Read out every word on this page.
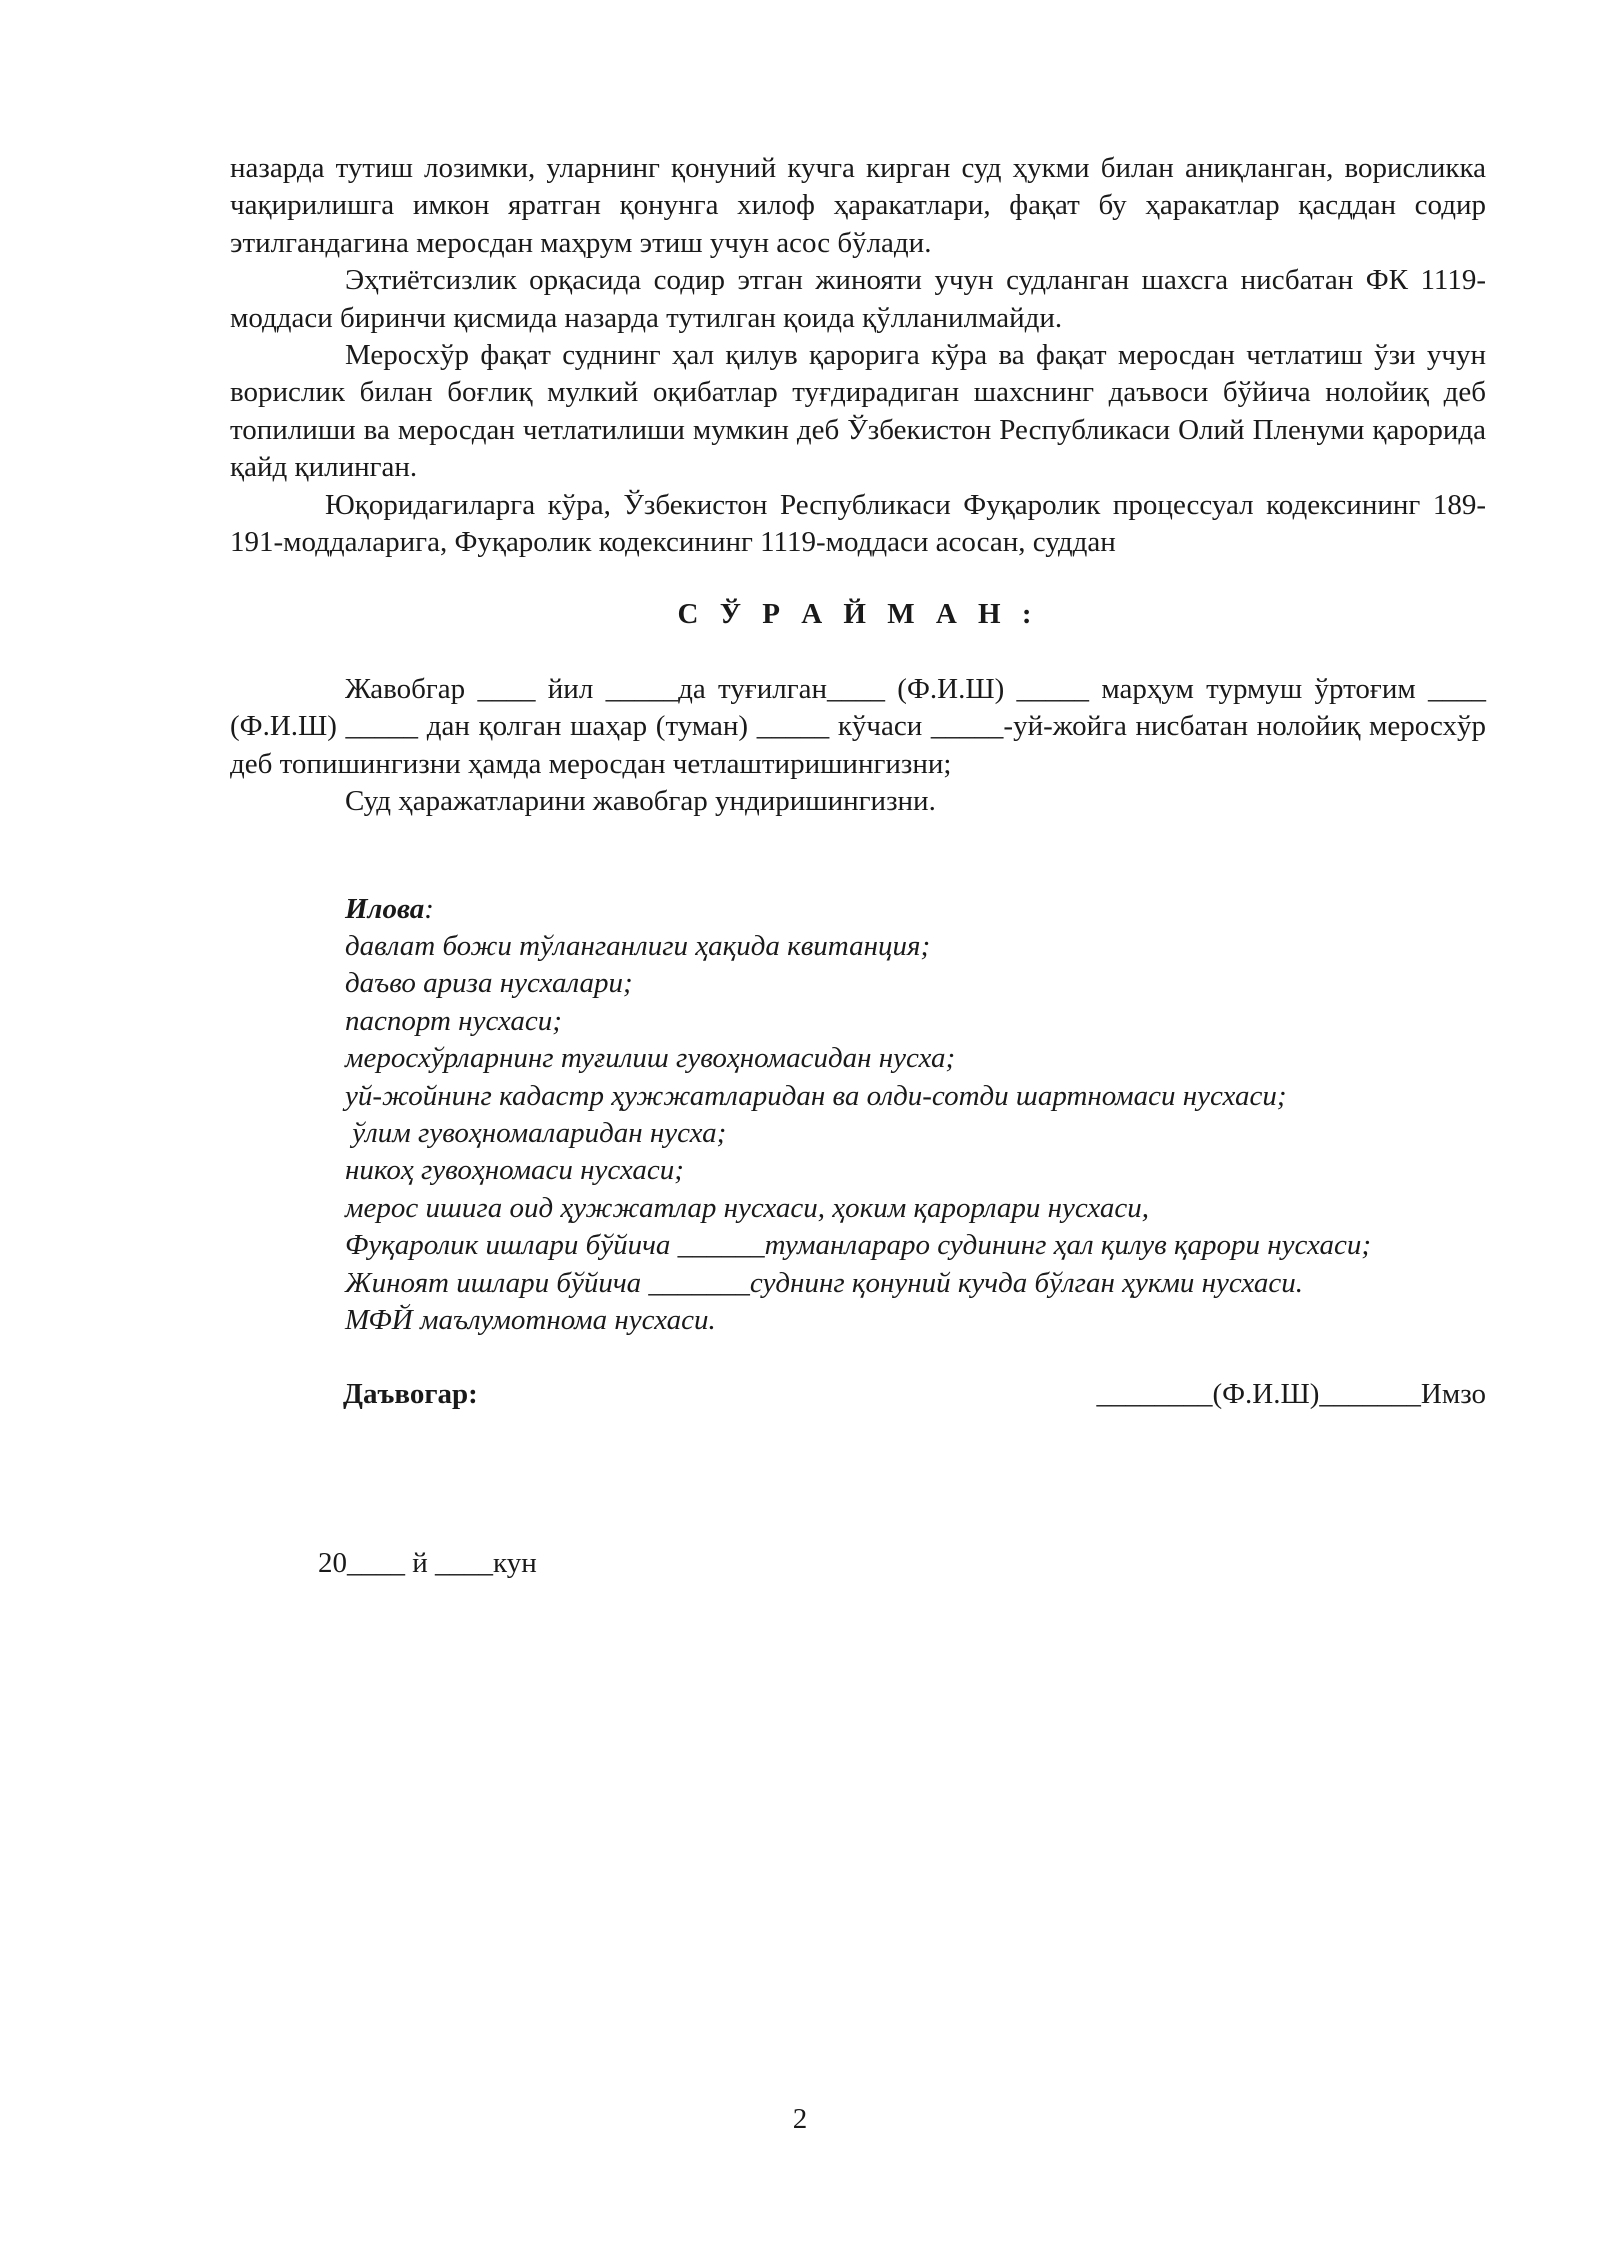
назарда тутиш лозимки, уларнинг қонуний кучга кирган суд ҳукми билан аниқланган, ворисликка чақирилишга имкон яратган қонунга хилоф ҳаракатлари, фақат бу ҳаракатлар қасддан содир этилгандагина меросдан маҳрум этиш учун асос бўлади.

Эҳтиётсизлик орқасида содир этган жинояти учун судланган шахсга нисбатан ФК 1119-моддаси биринчи қисмида назарда тутилган қоида қўлланилмайди.

Меросхўр фақат суднинг ҳал қилув қарорига кўра ва фақат меросдан четлатиш ўзи учун ворислик билан боғлиқ мулкий оқибатлар туғдирадиган шахснинг даъвоси бўйича нолойиқ деб топилиши ва меросдан четлатилиши мумкин деб Ўзбекистон Республикаси Олий Пленуми қарорида қайд қилинган.

Юқоридагиларга кўра, Ўзбекистон Республикаси Фуқаролик процессуал кодексининг 189-191-моддаларига, Фуқаролик кодексининг 1119-моддаси асосан, суддан

С Ў Р А Й М А Н :

Жавобгар ____ йил _____да туғилган____ (Ф.И.Ш) _____ марҳум турмуш ўртоғим ____ (Ф.И.Ш) _____ дан қолган шаҳар (туман) _____ кўчаси _____-уй-жойга нисбатан нолойиқ меросхўр деб топишингизни ҳамда меросдан четлаштиришингизни;

Суд ҳаражатларини жавобгар ундиришингизни.

Илова:

давлат божи тўланганлиги ҳақида квитанция;

даъво ариза нусхалари;

паспорт нусхаси;

меросхўрларнинг туғилиш гувоҳномасидан нусха;

уй-жойнинг кадастр ҳужжатларидан ва олди-сотди шартномаси нусхаси;

ўлим гувоҳномаларидан нусха;

никоҳ гувоҳномаси нусхаси;

мерос ишига оид ҳужжатлар нусхаси, ҳоким қарорлари нусхаси,

Фуқаролик ишлари бўйича ______туманлараро судининг ҳал қилув қарори нусхаси;

Жиноят ишлари бўйича _______суднинг қонуний кучда бўлган ҳукми нусхаси.

МФЙ маълумотнома нусхаси.

Даъвогар:	________(Ф.И.Ш)_______Имзо
20____ й ____кун
2
